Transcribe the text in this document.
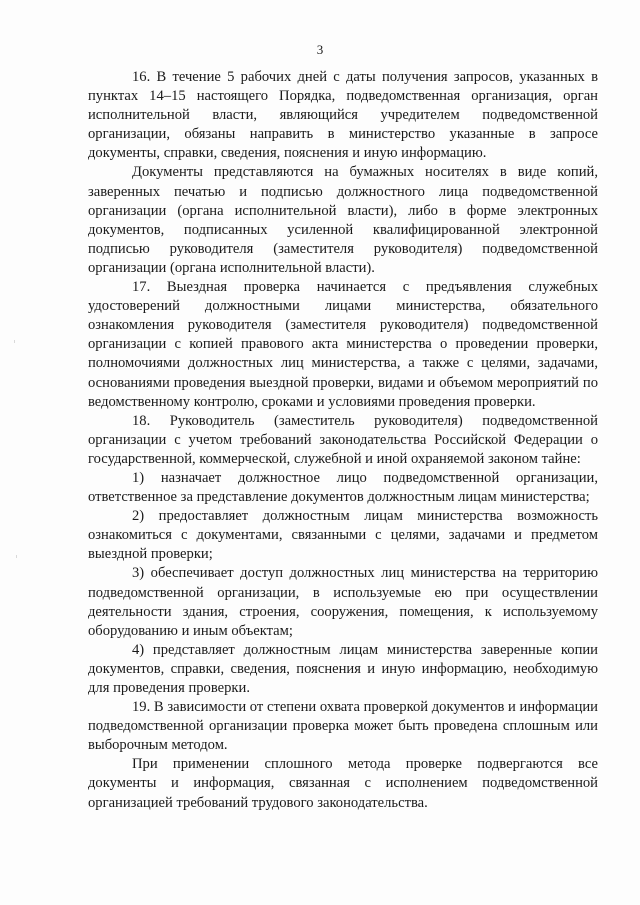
3

16. В течение 5 рабочих дней с даты получения запросов, указанных в пунктах 14–15 настоящего Порядка, подведомственная организация, орган исполнительной власти, являющийся учредителем подведомственной организации, обязаны направить в министерство указанные в запросе документы, справки, сведения, пояснения и иную информацию.

Документы представляются на бумажных носителях в виде копий, заверенных печатью и подписью должностного лица подведомственной организации (органа исполнительной власти), либо в форме электронных документов, подписанных усиленной квалифицированной электронной подписью руководителя (заместителя руководителя) подведомственной организации (органа исполнительной власти).

17. Выездная проверка начинается с предъявления служебных удостоверений должностными лицами министерства, обязательного ознакомления руководителя (заместителя руководителя) подведомственной организации с копией правового акта министерства о проведении проверки, полномочиями должностных лиц министерства, а также с целями, задачами, основаниями проведения выездной проверки, видами и объемом мероприятий по ведомственному контролю, сроками и условиями проведения проверки.

18. Руководитель (заместитель руководителя) подведомственной организации с учетом требований законодательства Российской Федерации о государственной, коммерческой, служебной и иной охраняемой законом тайне:

1) назначает должностное лицо подведомственной организации, ответственное за представление документов должностным лицам министерства;

2) предоставляет должностным лицам министерства возможность ознакомиться с документами, связанными с целями, задачами и предметом выездной проверки;

3) обеспечивает доступ должностных лиц министерства на территорию подведомственной организации, в используемые ею при осуществлении деятельности здания, строения, сооружения, помещения, к используемому оборудованию и иным объектам;

4) представляет должностным лицам министерства заверенные копии документов, справки, сведения, пояснения и иную информацию, необходимую для проведения проверки.

19. В зависимости от степени охвата проверкой документов и информации подведомственной организации проверка может быть проведена сплошным или выборочным методом.

При применении сплошного метода проверке подвергаются все документы и информация, связанная с исполнением подведомственной организацией требований трудового законодательства.
